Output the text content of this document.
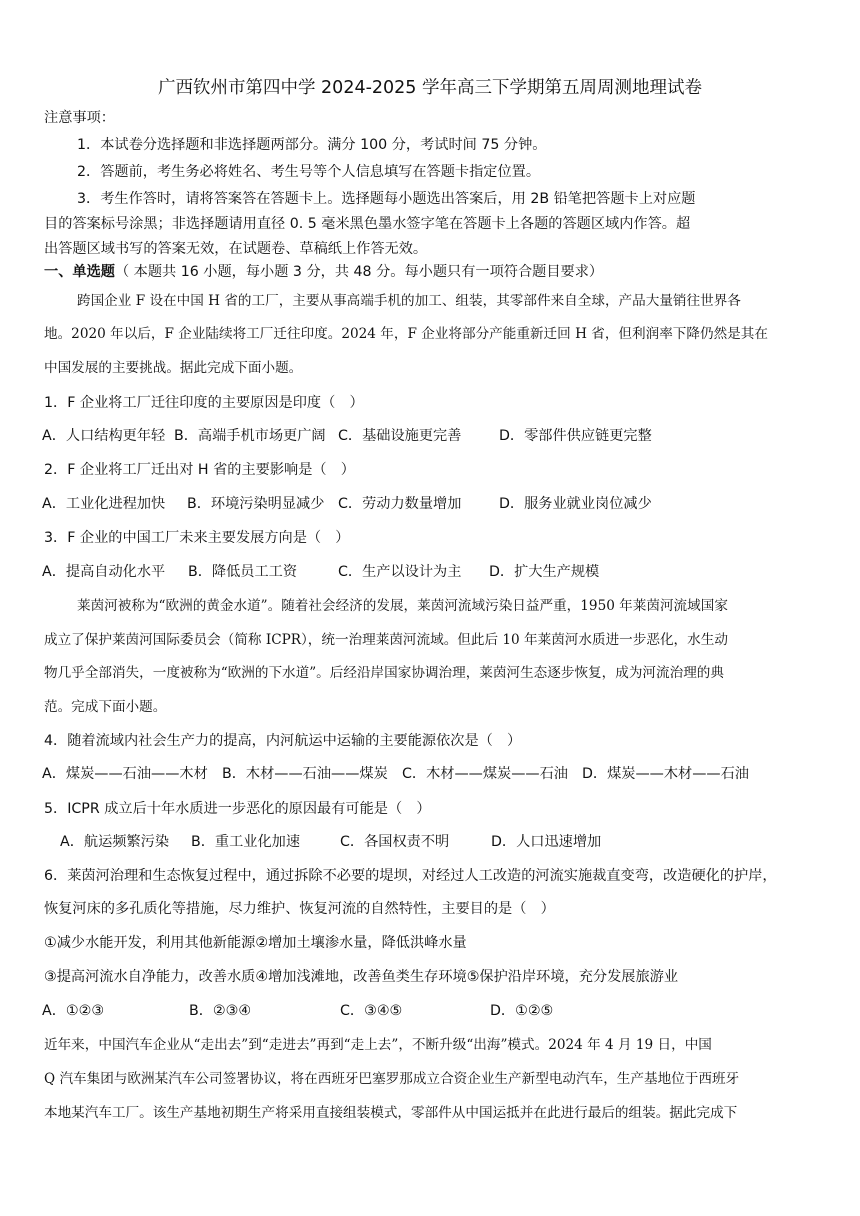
广西钦州市第四中学 2024-2025 学年高三下学期第五周周测地理试卷
注意事项：
1．本试卷分选择题和非选择题两部分。满分 100 分，考试时间 75 分钟。
2．答题前，考生务必将姓名、考生号等个人信息填写在答题卡指定位置。
3．考生作答时，请将答案答在答题卡上。选择题每小题选出答案后，用 2B 铅笔把答题卡上对应题
目的答案标号涂黑；非选择题请用直径 0. 5 毫米黑色墨水签字笔在答题卡上各题的答题区域内作答。超
出答题区域书写的答案无效，在试题卷、草稿纸上作答无效。
一、单选题（ 本题共 16 小题，每小题 3 分，共 48 分。每小题只有一项符合题目要求）
跨国企业 F 设在中国 H 省的工厂，主要从事高端手机的加工、组装，其零部件来自全球，产品大量销往世界各
地。2020 年以后，F 企业陆续将工厂迁往印度。2024 年，F 企业将部分产能重新迁回 H 省，但利润率下降仍然是其在
中国发展的主要挑战。据此完成下面小题。
1．F 企业将工厂迁往印度的主要原因是印度（　）
A．人口结构更年轻 B．高端手机市场更广阔 C．基础设施更完善	D．零部件供应链更完整
2．F 企业将工厂迁出对 H 省的主要影响是（　）
A．工业化进程加快 B．环境污染明显减少 C．劳动力数量增加	D．服务业就业岗位减少
3．F 企业的中国工厂未来主要发展方向是（　）
A．提高自动化水平 B．降低员工工资	C．生产以设计为主 D．扩大生产规模
莱茵河被称为“欧洲的黄金水道”。随着社会经济的发展，莱茵河流域污染日益严重，1950 年莱茵河流域国家
成立了保护莱茵河国际委员会（简称 ICPR），统一治理莱茵河流域。但此后 10 年莱茵河水质进一步恶化，水生动
物几乎全部消失，一度被称为“欧洲的下水道”。后经沿岸国家协调治理，莱茵河生态逐步恢复，成为河流治理的典
范。完成下面小题。
4．随着流域内社会生产力的提高，内河航运中运输的主要能源依次是（　）
A．煤炭——石油——木材 B．木材——石油——煤炭 C．木材——煤炭——石油 D．煤炭——木材——石油
5．ICPR 成立后十年水质进一步恶化的原因最有可能是（　）
A．航运频繁污染 B．重工业化加速	C．各国权责不明	D．人口迅速增加
6．莱茵河治理和生态恢复过程中，通过拆除不必要的堤坝，对经过人工改造的河流实施裁直变弯，改造硬化的护岸，
恢复河床的多孔质化等措施，尽力维护、恢复河流的自然特性，主要目的是（　）
①减少水能开发，利用其他新能源②增加土壤渗水量，降低洪峰水量
③提高河流水自净能力，改善水质④增加浅滩地，改善鱼类生存环境⑤保护沿岸环境，充分发展旅游业
A．①②③	B．②③④	C．③④⑤	D．①②⑤
近年来，中国汽车企业从“走出去”到“走进去”再到“走上去”，不断升级“出海”模式。2024 年 4 月 19 日，中国
Q 汽车集团与欧洲某汽车公司签署协议，将在西班牙巴塞罗那成立合资企业生产新型电动汽车，生产基地位于西班牙
本地某汽车工厂。该生产基地初期生产将采用直接组装模式，零部件从中国运抵并在此进行最后的组装。据此完成下
